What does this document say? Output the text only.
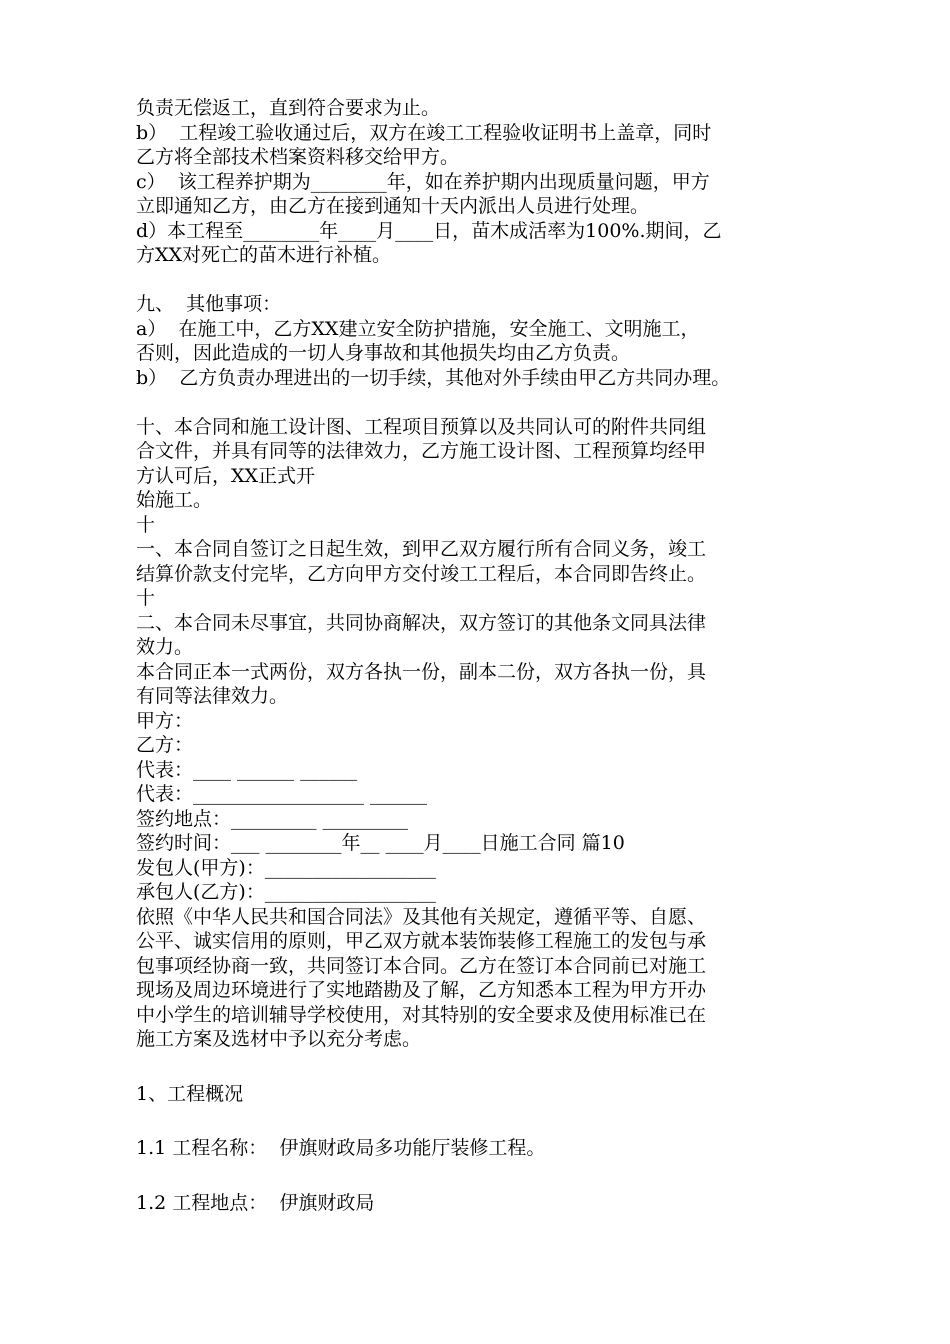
负责无偿返工，直到符合要求为止。
b）  工程竣工验收通过后，双方在竣工工程验收证明书上盖章，同时
乙方将全部技术档案资料移交给甲方。
c）  该工程养护期为________年，如在养护期内出现质量问题，甲方
立即通知乙方，由乙方在接到通知十天内派出人员进行处理。
d）本工程至________年____月____日，苗木成活率为100%.期间，乙
方XX对死亡的苗木进行补植。
九、  其他事项：
a）  在施工中，乙方XX建立安全防护措施，安全施工、文明施工，
否则，因此造成的一切人身事故和其他损失均由乙方负责。
b）  乙方负责办理进出的一切手续，其他对外手续由甲乙方共同办理。
十、本合同和施工设计图、工程项目预算以及共同认可的附件共同组
合文件，并具有同等的法律效力，乙方施工设计图、工程预算均经甲
方认可后，XX正式开
始施工。
十
一、本合同自签订之日起生效，到甲乙双方履行所有合同义务，竣工
结算价款支付完毕，乙方向甲方交付竣工工程后，本合同即告终止。
十
二、本合同未尽事宜，共同协商解决，双方签订的其他条文同具法律
效力。
本合同正本一式两份，双方各执一份，副本二份，双方各执一份，具
有同等法律效力。
甲方：
乙方：
代表：____ ______ ______
代表：__________________ ______
签约地点：_________ _________
签约时间：___ ________年__ ____月____日施工合同 篇10
发包人(甲方)：__________________
承包人(乙方)：__________________
依照《中华人民共和国合同法》及其他有关规定，遵循平等、自愿、
公平、诚实信用的原则，甲乙双方就本装饰装修工程施工的发包与承
包事项经协商一致，共同签订本合同。乙方在签订本合同前已对施工
现场及周边环境进行了实地踏勘及了解，乙方知悉本工程为甲方开办
中小学生的培训辅导学校使用，对其特别的安全要求及使用标准已在
施工方案及选材中予以充分考虑。
1、工程概况
1.1 工程名称：  伊旗财政局多功能厅装修工程。
1.2 工程地点：  伊旗财政局
